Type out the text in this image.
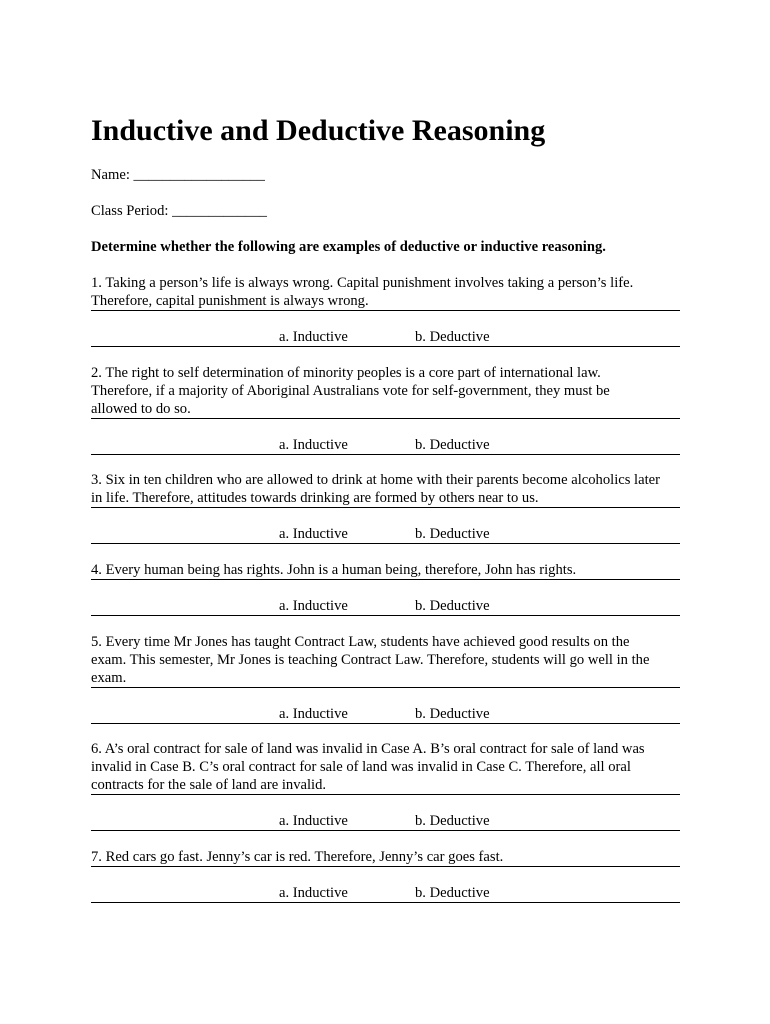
Inductive and Deductive Reasoning
Name: __________________
Class Period: _____________
Determine whether the following are examples of deductive or inductive reasoning.
1. Taking a person’s life is always wrong. Capital punishment involves taking a person’s life.
Therefore, capital punishment is always wrong.
a. Inductive	b. Deductive
2. The right to self determination of minority peoples is a core part of international law.
Therefore, if a majority of Aboriginal Australians vote for self-government, they must be
allowed to do so.
a. Inductive	b. Deductive
3. Six in ten children who are allowed to drink at home with their parents become alcoholics later
in life. Therefore, attitudes towards drinking are formed by others near to us.
a. Inductive	b. Deductive
4. Every human being has rights. John is a human being, therefore, John has rights.
a. Inductive	b. Deductive
5. Every time Mr Jones has taught Contract Law, students have achieved good results on the
exam. This semester, Mr Jones is teaching Contract Law. Therefore, students will go well in the
exam.
a. Inductive	b. Deductive
6. A’s oral contract for sale of land was invalid in Case A. B’s oral contract for sale of land was
invalid in Case B. C’s oral contract for sale of land was invalid in Case C. Therefore, all oral
contracts for the sale of land are invalid.
a. Inductive	b. Deductive
7. Red cars go fast. Jenny’s car is red. Therefore, Jenny’s car goes fast.
a. Inductive	b. Deductive
